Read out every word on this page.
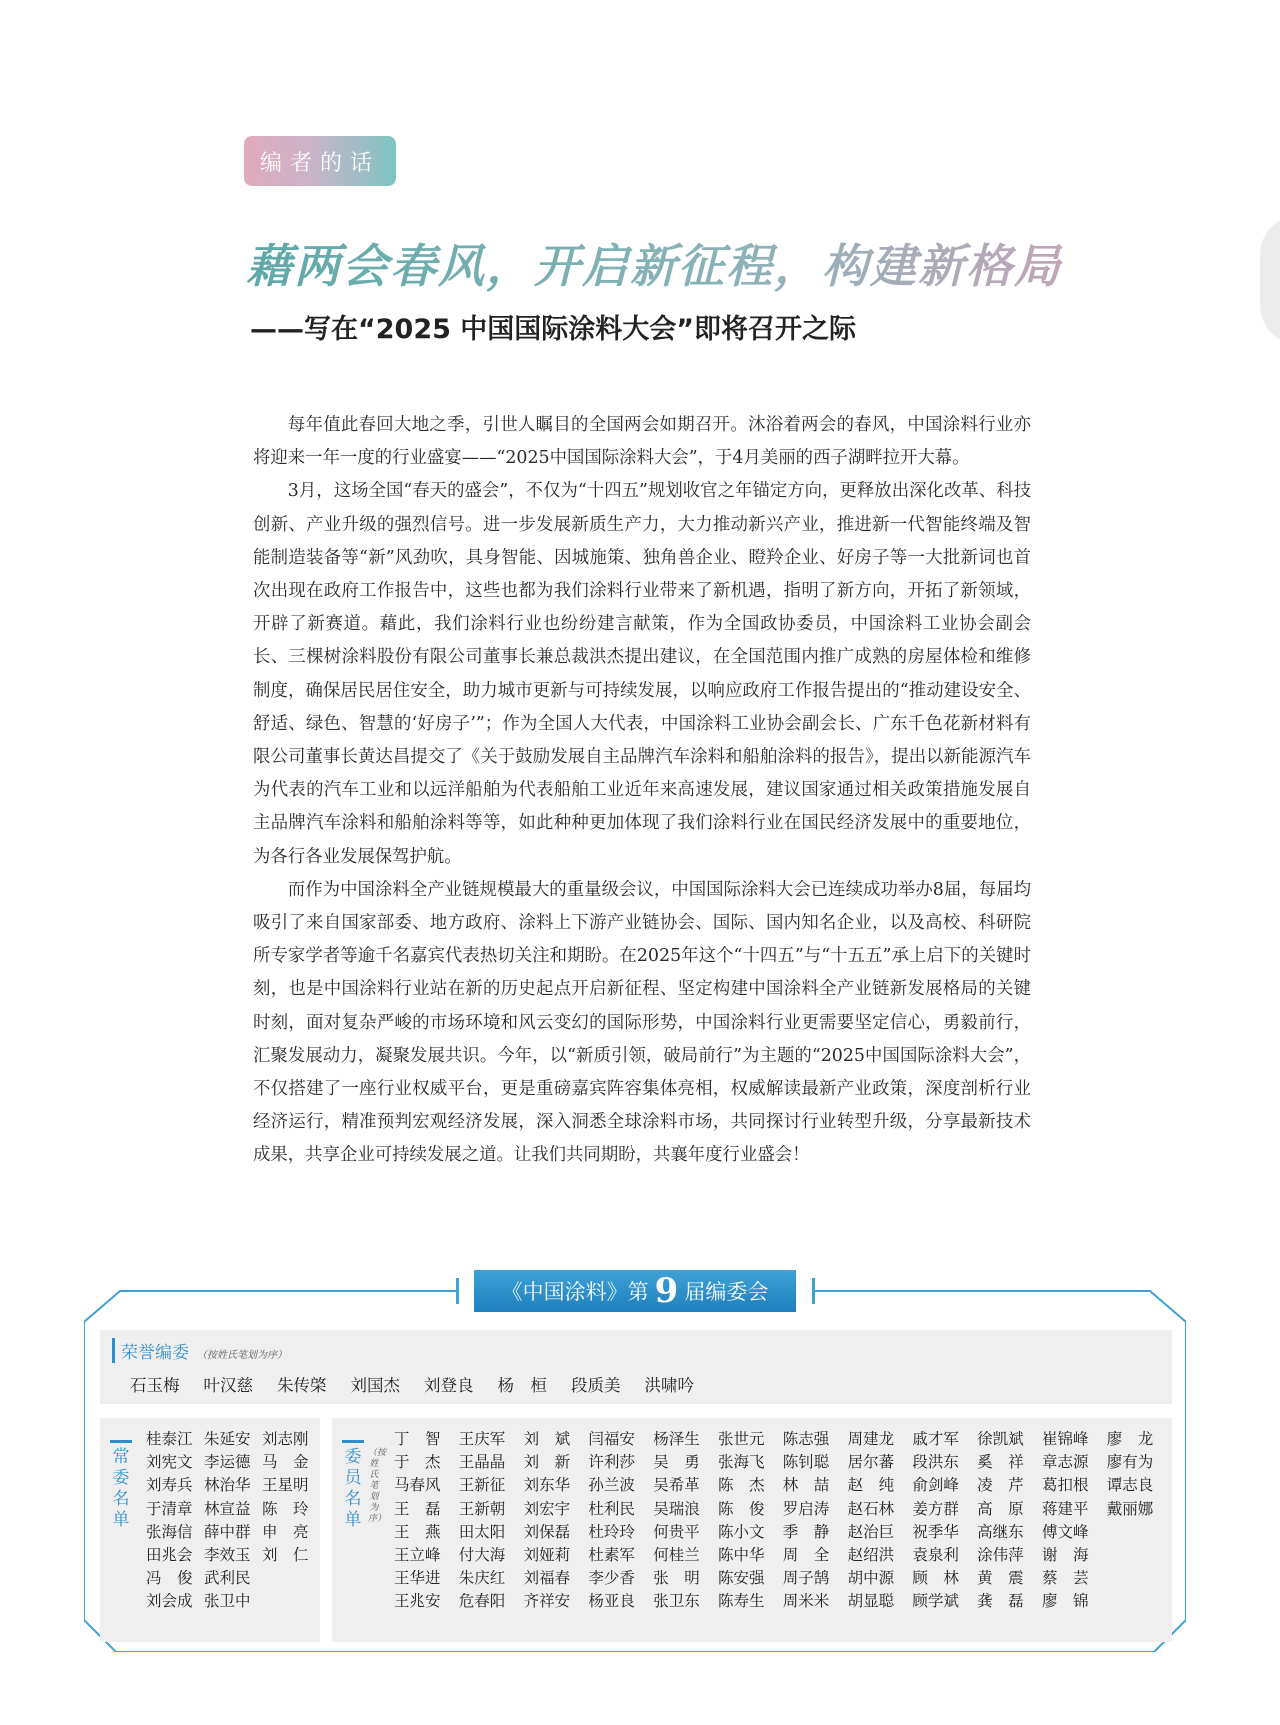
编者的话
藉两会春风，开启新征程，构建新格局
——写在“2025 中国国际涂料大会”即将召开之际

每年值此春回大地之季，引世人瞩目的全国两会如期召开。沐浴着两会的春风，中国涂料行业亦将迎来一年一度的行业盛宴——“2025中国国际涂料大会”，于4月美丽的西子湖畔拉开大幕。

3月，这场全国“春天的盛会”，不仅为“十四五”规划收官之年锚定方向，更释放出深化改革、科技创新、产业升级的强烈信号。进一步发展新质生产力，大力推动新兴产业，推进新一代智能终端及智能制造装备等“新”风劲吹，具身智能、因城施策、独角兽企业、瞪羚企业、好房子等一大批新词也首次出现在政府工作报告中，这些也都为我们涂料行业带来了新机遇，指明了新方向，开拓了新领域，开辟了新赛道。藉此，我们涂料行业也纷纷建言献策，作为全国政协委员，中国涂料工业协会副会长、三棵树涂料股份有限公司董事长兼总裁洪杰提出建议，在全国范围内推广成熟的房屋体检和维修制度，确保居民居住安全，助力城市更新与可持续发展，以响应政府工作报告提出的“推动建设安全、舒适、绿色、智慧的‘好房子’”；作为全国人大代表，中国涂料工业协会副会长、广东千色花新材料有限公司董事长黄达昌提交了《关于鼓励发展自主品牌汽车涂料和船舶涂料的报告》，提出以新能源汽车为代表的汽车工业和以远洋船舶为代表船舶工业近年来高速发展，建议国家通过相关政策措施发展自主品牌汽车涂料和船舶涂料等等，如此种种更加体现了我们涂料行业在国民经济发展中的重要地位，为各行各业发展保驾护航。

而作为中国涂料全产业链规模最大的重量级会议，中国国际涂料大会已连续成功举办8届，每届均吸引了来自国家部委、地方政府、涂料上下游产业链协会、国际、国内知名企业，以及高校、科研院所专家学者等逾千名嘉宾代表热切关注和期盼。在2025年这个“十四五”与“十五五”承上启下的关键时刻，也是中国涂料行业站在新的历史起点开启新征程、坚定构建中国涂料全产业链新发展格局的关键时刻，面对复杂严峻的市场环境和风云变幻的国际形势，中国涂料行业更需要坚定信心，勇毅前行，汇聚发展动力，凝聚发展共识。今年，以“新质引领，破局前行”为主题的“2025中国国际涂料大会”，不仅搭建了一座行业权威平台，更是重磅嘉宾阵容集体亮相，权威解读最新产业政策，深度剖析行业经济运行，精准预判宏观经济发展，深入洞悉全球涂料市场，共同探讨行业转型升级，分享最新技术成果，共享企业可持续发展之道。让我们共同期盼，共襄年度行业盛会！

《中国涂料》第 9 届编委会
荣誉编委 （按姓氏笔划为序）
石玉梅 叶汉慈 朱传棨 刘国杰 刘登良 杨　桓 段质美 洪啸吟
常委名单
桂泰江
刘宪文
刘寿兵
于清章
张海信
田兆会
冯　俊
刘会成
朱延安
李运德
林治华
林宣益
薛中群
李效玉
武利民
张卫中
刘志刚
马　金
王星明
陈　玲
申　亮
刘　仁
委员名单
（按姓氏笔划为序）
丁　智
于　杰
马春风
王　磊
王　燕
王立峰
王华进
王兆安
王庆军
王晶晶
王新征
王新朝
田太阳
付大海
朱庆红
危春阳
刘　斌
刘　新
刘东华
刘宏宇
刘保磊
刘娅莉
刘福春
齐祥安
闫福安
许利莎
孙兰波
杜利民
杜玲玲
杜素军
李少香
杨亚良
杨泽生
吴　勇
吴希革
吴瑞浪
何贵平
何桂兰
张　明
张卫东
张世元
张海飞
陈　杰
陈　俊
陈小文
陈中华
陈安强
陈寿生
陈志强
陈钊聪
林　喆
罗启涛
季　静
周　全
周子鹄
周米米
周建龙
居尔蕃
赵　纯
赵石林
赵治巨
赵绍洪
胡中源
胡显聪
戚才军
段洪东
俞剑峰
姜方群
祝季华
袁泉利
顾　林
顾学斌
徐凯斌
奚　祥
凌　芹
高　原
高继东
涂伟萍
黄　震
龚　磊
崔锦峰
章志源
葛扣根
蒋建平
傅文峰
谢　海
蔡　芸
廖　锦
廖　龙
廖有为
谭志良
戴丽娜
